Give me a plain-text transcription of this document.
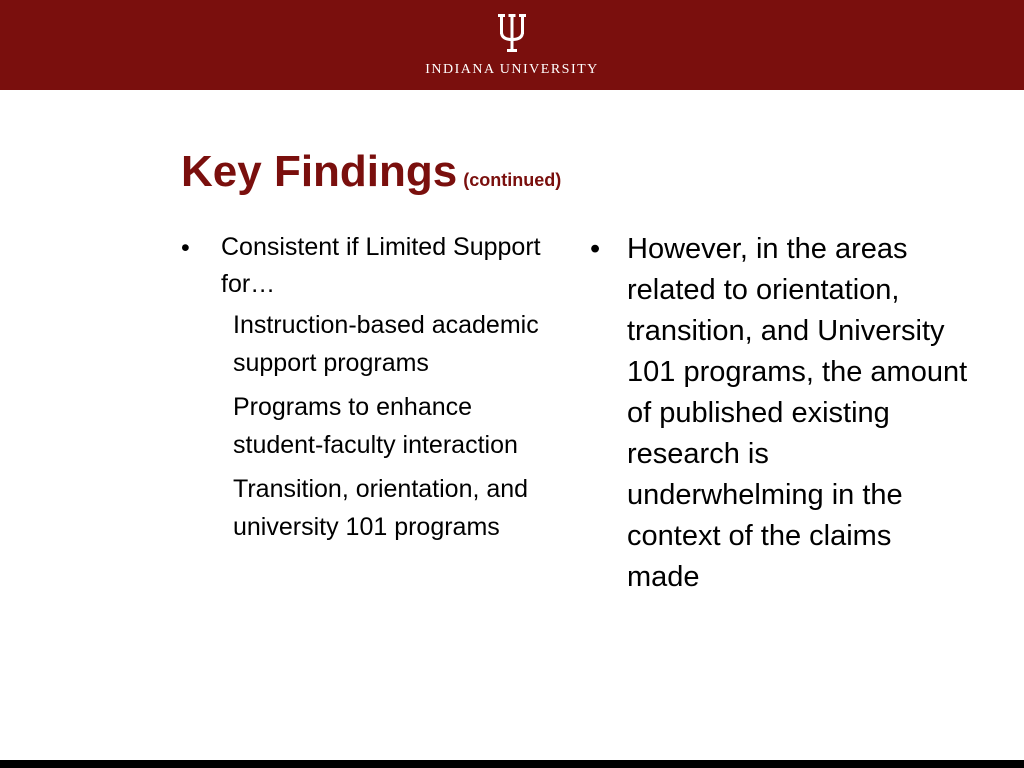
INDIANA UNIVERSITY
Key Findings (continued)
•	Consistent if Limited Support for…
Instruction-based academic support programs
Programs to enhance student-faculty interaction
Transition, orientation, and university 101 programs
• However, in the areas related to orientation, transition, and University 101 programs, the amount of published existing research is underwhelming in the context of the claims made
